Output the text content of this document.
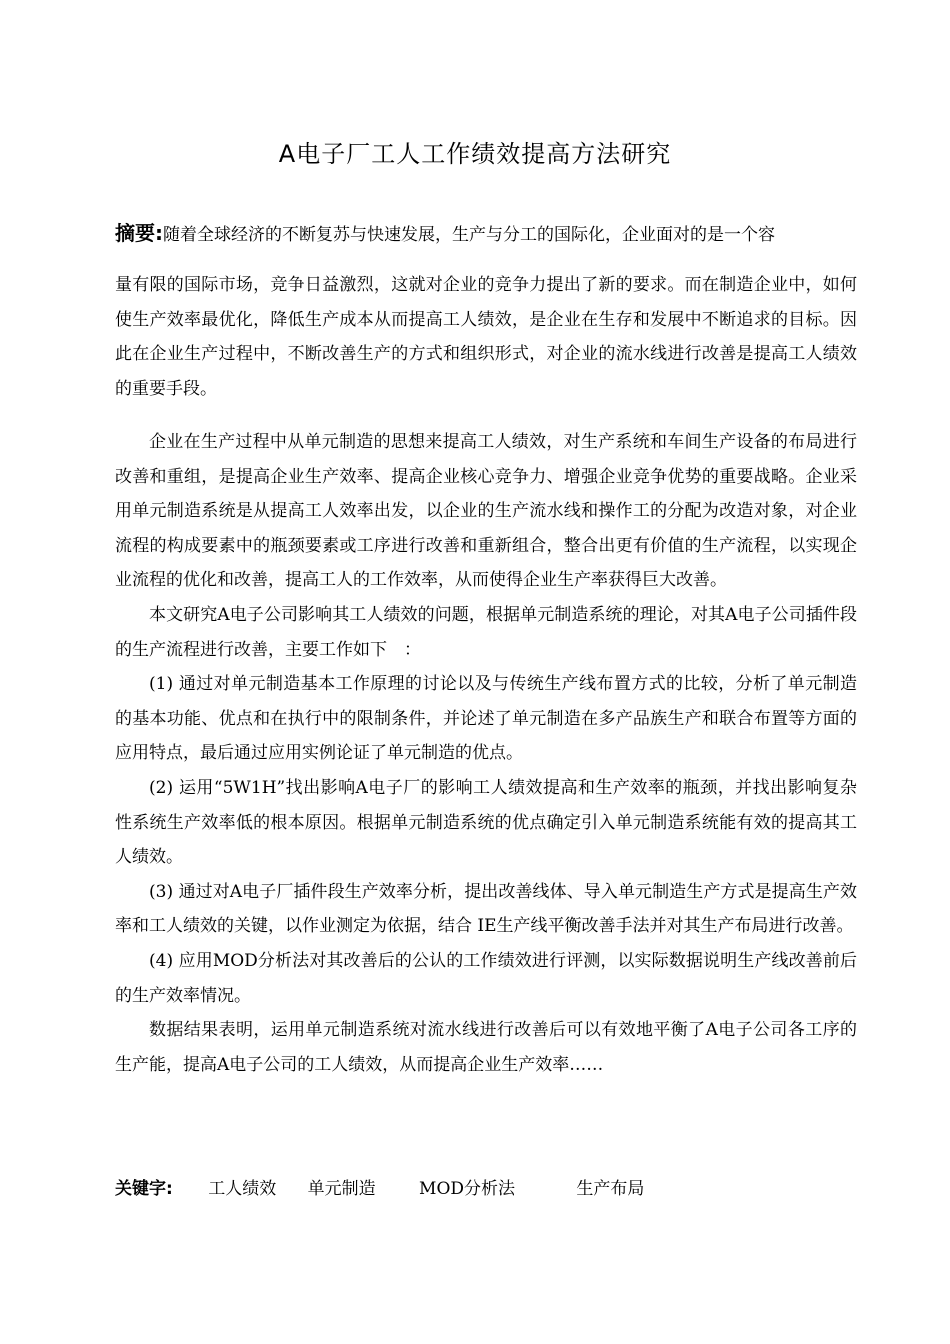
A电子厂工人工作绩效提高方法研究
摘要:随着全球经济的不断复苏与快速发展，生产与分工的国际化，企业面对的是一个容
量有限的国际市场，竞争日益激烈，这就对企业的竞争力提出了新的要求。而在制造企业中，如何使生产效率最优化，降低生产成本从而提高工人绩效，是企业在生存和发展中不断追求的目标。因此在企业生产过程中，不断改善生产的方式和组织形式，对企业的流水线进行改善是提高工人绩效的重要手段。

企业在生产过程中从单元制造的思想来提高工人绩效，对生产系统和车间生产设备的布局进行改善和重组，是提高企业生产效率、提高企业核心竞争力、增强企业竞争优势的重要战略。企业采用单元制造系统是从提高工人效率出发，以企业的生产流水线和操作工的分配为改造对象，对企业流程的构成要素中的瓶颈要素或工序进行改善和重新组合，整合出更有价值的生产流程，以实现企业流程的优化和改善，提高工人的工作效率，从而使得企业生产率获得巨大改善。

本文研究A电子公司影响其工人绩效的问题，根据单元制造系统的理论，对其A电子公司插件段的生产流程进行改善，主要工作如下　：

(1) 通过对单元制造基本工作原理的讨论以及与传统生产线布置方式的比较，分析了单元制造的基本功能、优点和在执行中的限制条件，并论述了单元制造在多产品族生产和联合布置等方面的应用特点，最后通过应用实例论证了单元制造的优点。

(2) 运用“5W1H”找出影响A电子厂的影响工人绩效提高和生产效率的瓶颈，并找出影响复杂性系统生产效率低的根本原因。根据单元制造系统的优点确定引入单元制造系统能有效的提高其工人绩效。

(3) 通过对A电子厂插件段生产效率分析，提出改善线体、导入单元制造生产方式是提高生产效率和工人绩效的关键，以作业测定为依据，结合 IE生产线平衡改善手法并对其生产布局进行改善。

(4) 应用MOD分析法对其改善后的公认的工作绩效进行评测，以实际数据说明生产线改善前后的生产效率情况。

数据结果表明，运用单元制造系统对流水线进行改善后可以有效地平衡了A电子公司各工序的生产能，提高A电子公司的工人绩效，从而提高企业生产效率……

关键字: 工人绩效 单元制造	MOD分析法	生产布局
